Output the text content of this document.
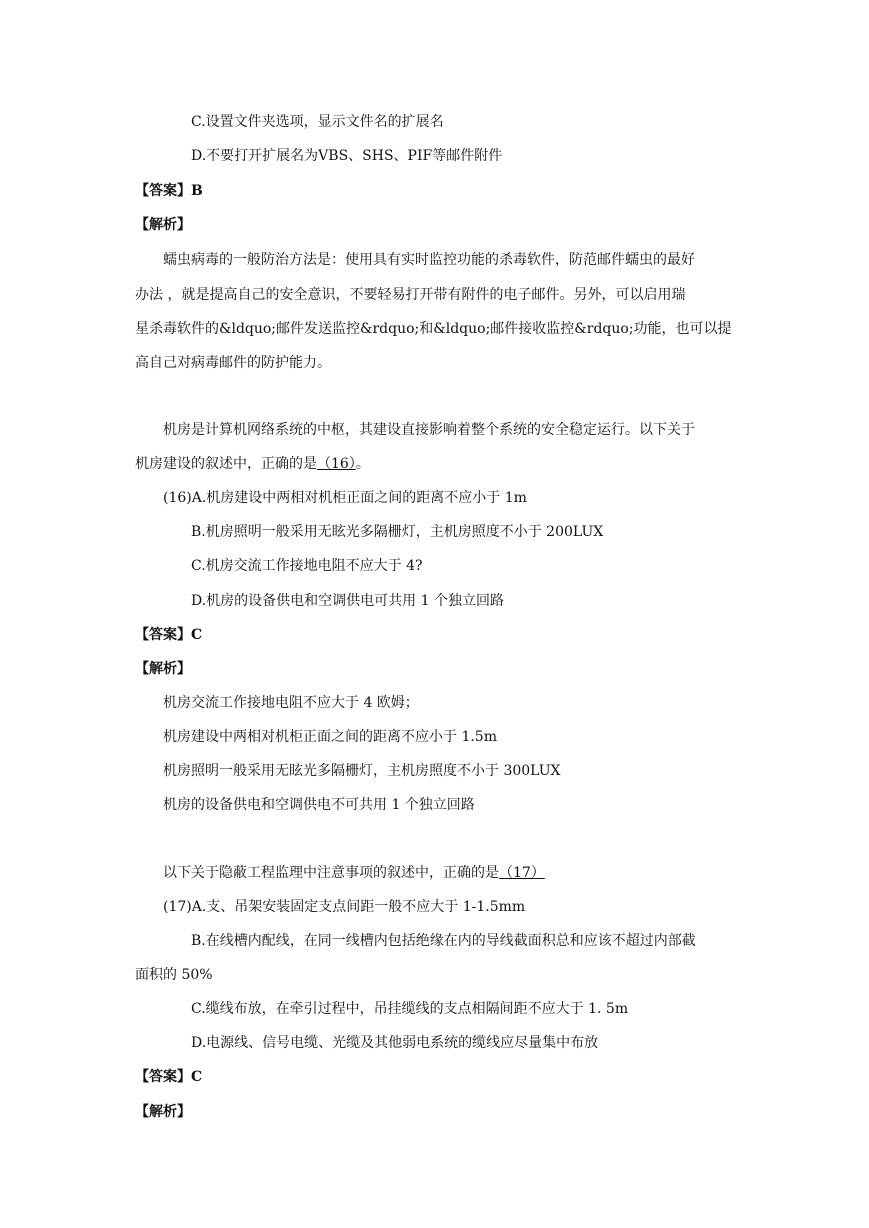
C.设置文件夹选项，显示文件名的扩展名

D.不要打开扩展名为VBS、SHS、PIF等邮件附件

【答案】B

【解析】

蠕虫病毒的一般防治方法是：使用具有实时监控功能的杀毒软件，防范邮件蠕虫的最好

办法 ，就是提高自己的安全意识，不要轻易打开带有附件的电子邮件。另外，可以启用瑞

星杀毒软件的&ldquo;邮件发送监控&rdquo;和&ldquo;邮件接收监控&rdquo;功能，也可以提

高自己对病毒邮件的防护能力。

机房是计算机网络系统的中枢，其建设直接影响着整个系统的安全稳定运行。以下关于

机房建设的叙述中，正确的是（16）。

(16)A.机房建设中两相对机柜正面之间的距离不应小于 1m

B.机房照明一般采用无眩光多隔栅灯，主机房照度不小于 200LUX

C.机房交流工作接地电阻不应大于 4?

D.机房的设备供电和空调供电可共用 1 个独立回路

【答案】C

【解析】

机房交流工作接地电阻不应大于 4 欧姆；

机房建设中两相对机柜正面之间的距离不应小于 1.5m

机房照明一般采用无眩光多隔栅灯，主机房照度不小于 300LUX

机房的设备供电和空调供电不可共用 1 个独立回路

以下关于隐蔽工程监理中注意事项的叙述中，正确的是（17）

(17)A.支、吊架安装固定支点间距一般不应大于 1-1.5mm

B.在线槽内配线，在同一线槽内包括绝缘在内的导线截面积总和应该不超过内部截

面积的 50%

C.缆线布放，在牵引过程中，吊挂缆线的支点相隔间距不应大于 1. 5m

D.电源线、信号电缆、光缆及其他弱电系统的缆线应尽量集中布放

【答案】C

【解析】
